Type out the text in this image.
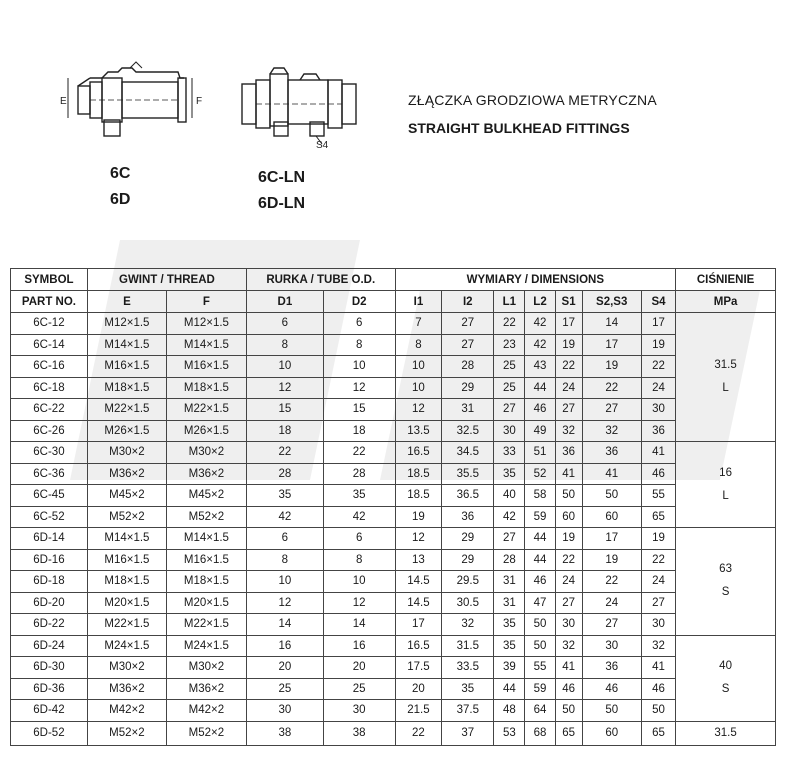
E	F
S4
6C
6D
6C-LN
6D-LN
ZŁĄCZKA GRODZIOWA METRYCZNA
STRAIGHT BULKHEAD FITTINGS
SYMBOL	GWINT / THREAD		RURKA / TUBE O.D.		WYMIARY / DIMENSIONS							CIŚNIENIE
PART NO.	E	F	D1	D2	I1	I2	L1	L2	S1	S2,S3	S4	MPa
6C-12	M12×1.5	M12×1.5	6	6	7	27	22	42	17	14	17	31.5
L

6C-14	M14×1.5	M14×1.5	8	8	8	27	23	42	19	17	19	
6C-16	M16×1.5	M16×1.5	10	10	10	28	25	43	22	19	22	
6C-18	M18×1.5	M18×1.5	12	12	10	29	25	44	24	22	24	
6C-22	M22×1.5	M22×1.5	15	15	12	31	27	46	27	27	30	
6C-26	M26×1.5	M26×1.5	18	18	13.5	32.5	30	49	32	32	36	
6C-30	M30×2	M30×2	22	22	16.5	34.5	33	51	36	36	41	16
L

6C-36	M36×2	M36×2	28	28	18.5	35.5	35	52	41	41	46	
6C-45	M45×2	M45×2	35	35	18.5	36.5	40	58	50	50	55	
6C-52	M52×2	M52×2	42	42	19	36	42	59	60	60	65	
6D-14	M14×1.5	M14×1.5	6	6	12	29	27	44	19	17	19	63
S

6D-16	M16×1.5	M16×1.5	8	8	13	29	28	44	22	19	22	
6D-18	M18×1.5	M18×1.5	10	10	14.5	29.5	31	46	24	22	24	
6D-20	M20×1.5	M20×1.5	12	12	14.5	30.5	31	47	27	24	27	
6D-22	M22×1.5	M22×1.5	14	14	17	32	35	50	30	27	30	
6D-24	M24×1.5	M24×1.5	16	16	16.5	31.5	35	50	32	30	32	40
S

6D-30	M30×2	M30×2	20	20	17.5	33.5	39	55	41	36	41	
6D-36	M36×2	M36×2	25	25	20	35	44	59	46	46	46	
6D-42	M42×2	M42×2	30	30	21.5	37.5	48	64	50	50	50	
6D-52	M52×2	M52×2	38	38	22	37	53	68	65	60	65	31.5
